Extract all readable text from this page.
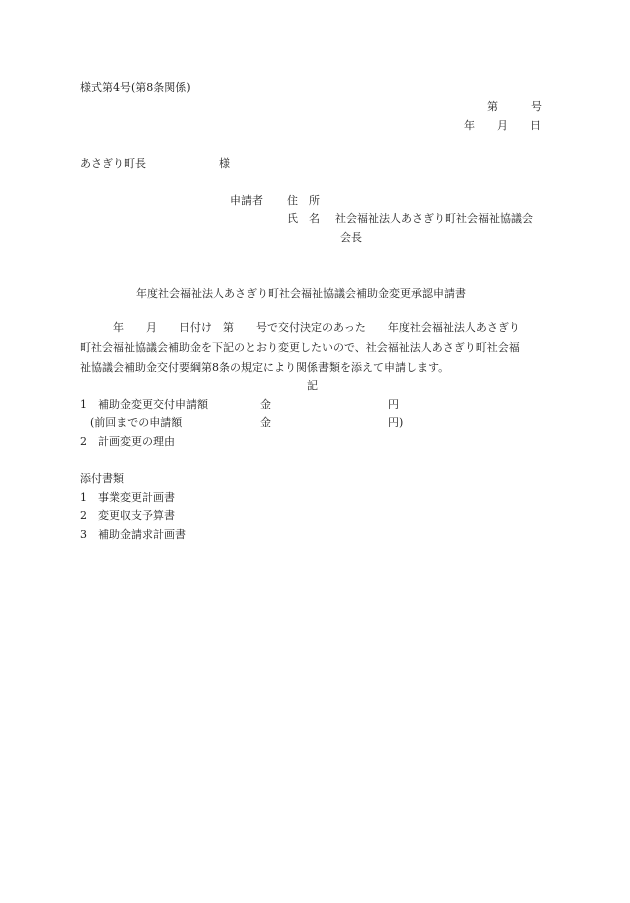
様式第4号(第8条関係)
第　　　号
年　　月　　日
あさぎり町長	様
申請者 住　所
氏　名 社会福祉法人あさぎり町社会福祉協議会
会長
年度社会福祉法人あさぎり町社会福祉協議会補助金変更承認申請書
　　　年　　月　　日付け　第　　号で交付決定のあった　　年度社会福祉法人あさぎり
町社会福祉協議会補助金を下記のとおり変更したいので、社会福祉法人あさぎり町社会福
祉協議会補助金交付要綱第8条の規定により関係書類を添えて申請します。
記
1　補助金変更交付申請額	金	円
(前回までの申請額	金	円)
2　計画変更の理由
添付書類
1　事業変更計画書
2　変更収支予算書
3　補助金請求計画書
